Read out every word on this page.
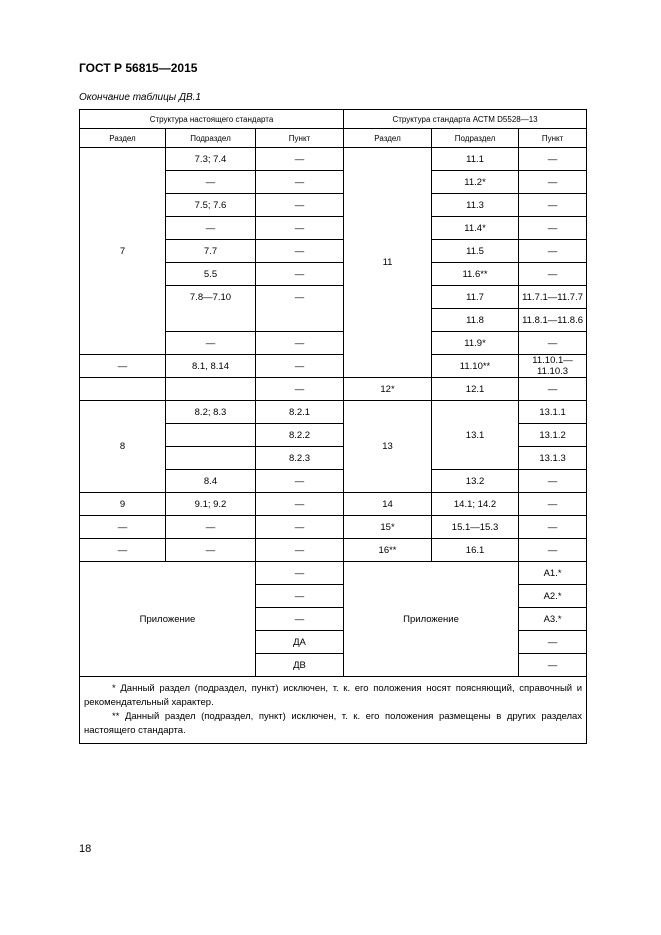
ГОСТ Р 56815—2015
Окончание таблицы ДВ.1
Структура настоящего стандарта			Структура стандарта АСТМ D5528—13		
Раздел	Подраздел	Пункт	Раздел	Подраздел	Пункт
7	7.3; 7.4	—	11	11.1	—
	—	—		11.2*	—
	7.5; 7.6	—		11.3	—
	—	—		11.4*	—
	7.7	—		11.5	—
	5.5	—		11.6**	—
	7.8—7.10	—		11.7	11.7.1—11.7.7
				11.8	11.8.1—11.8.6
	—	—		11.9*	—
—	8.1, 8.14	—		11.10**	11.10.1—11.10.3
		—	12*	12.1	—
8	8.2; 8.3	8.2.1	13	13.1	13.1.1
		8.2.2			13.1.2
		8.2.3			13.1.3
	8.4	—		13.2	—
9	9.1; 9.2	—	14	14.1; 14.2	—
—	—	—	15*	15.1—15.3	—
—	—	—	16**	16.1	—
Приложение		—	Приложение		А1.*
		—			А2.*
		—			А3.*
		ДА			—
		ДВ			—

* Данный раздел (подраздел, пункт) исключен, т. к. его положения носят поясняющий, справочный и рекомендательный характер.
** Данный раздел (подраздел, пункт) исключен, т. к. его положения размещены в других разделах настоящего стандарта.					
18
